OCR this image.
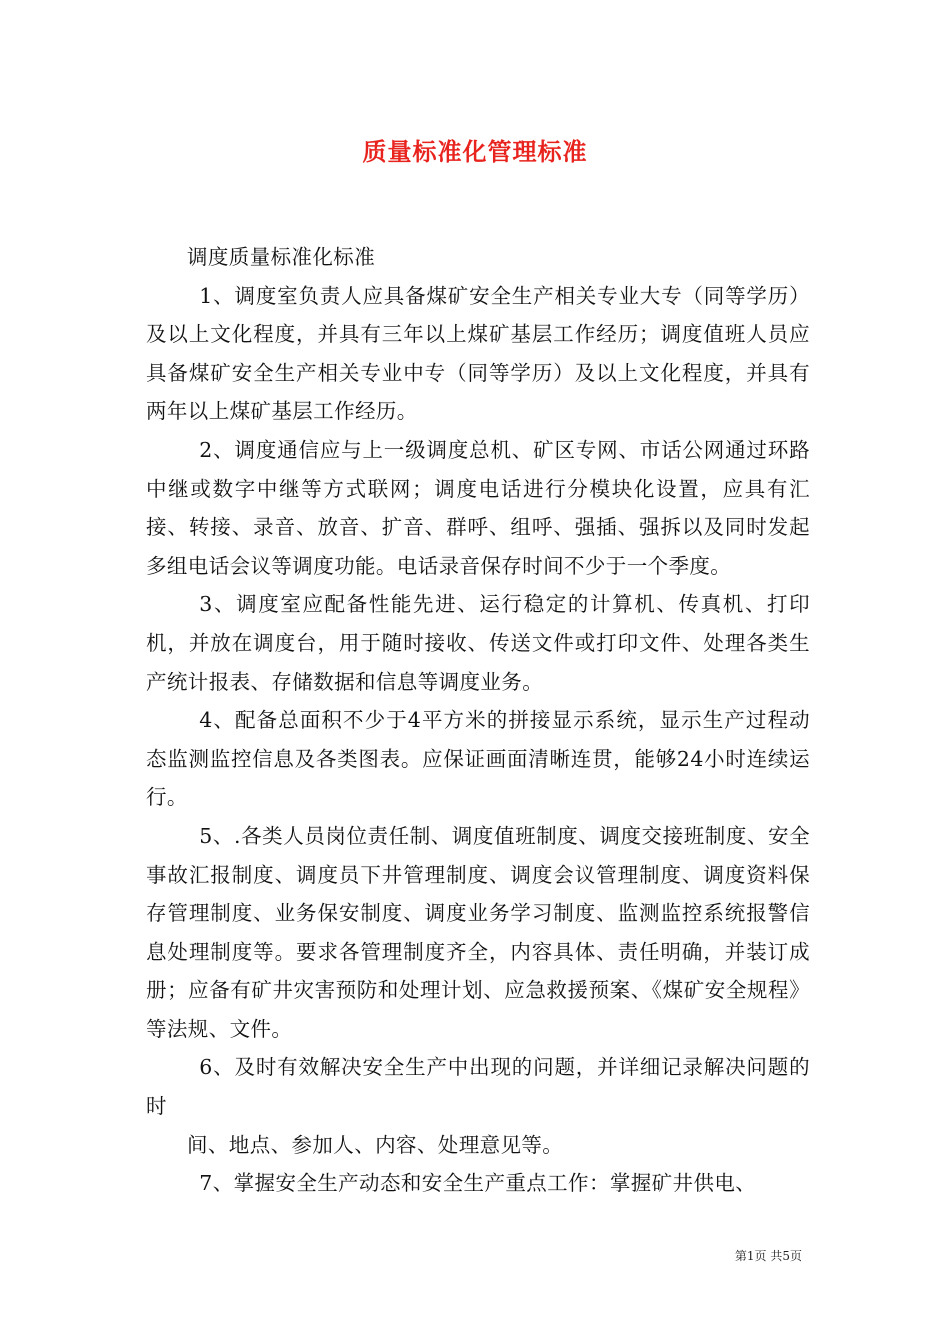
质量标准化管理标准

调度质量标准化标准

1、调度室负责人应具备煤矿安全生产相关专业大专（同等学历）及以上文化程度，并具有三年以上煤矿基层工作经历；调度值班人员应具备煤矿安全生产相关专业中专（同等学历）及以上文化程度，并具有两年以上煤矿基层工作经历。

2、调度通信应与上一级调度总机、矿区专网、市话公网通过环路中继或数字中继等方式联网；调度电话进行分模块化设置，应具有汇接、转接、录音、放音、扩音、群呼、组呼、强插、强拆以及同时发起多组电话会议等调度功能。电话录音保存时间不少于一个季度。

3、调度室应配备性能先进、运行稳定的计算机、传真机、打印机，并放在调度台，用于随时接收、传送文件或打印文件、处理各类生产统计报表、存储数据和信息等调度业务。

4、配备总面积不少于4平方米的拼接显示系统，显示生产过程动态监测监控信息及各类图表。应保证画面清晰连贯，能够24小时连续运行。

5、.各类人员岗位责任制、调度值班制度、调度交接班制度、安全事故汇报制度、调度员下井管理制度、调度会议管理制度、调度资料保存管理制度、业务保安制度、调度业务学习制度、监测监控系统报警信息处理制度等。要求各管理制度齐全，内容具体、责任明确，并装订成册；应备有矿井灾害预防和处理计划、应急救援预案、《煤矿安全规程》等法规、文件。

6、及时有效解决安全生产中出现的问题，并详细记录解决问题的时

间、地点、参加人、内容、处理意见等。

7、掌握安全生产动态和安全生产重点工作：掌握矿井供电、

第1页 共5页
